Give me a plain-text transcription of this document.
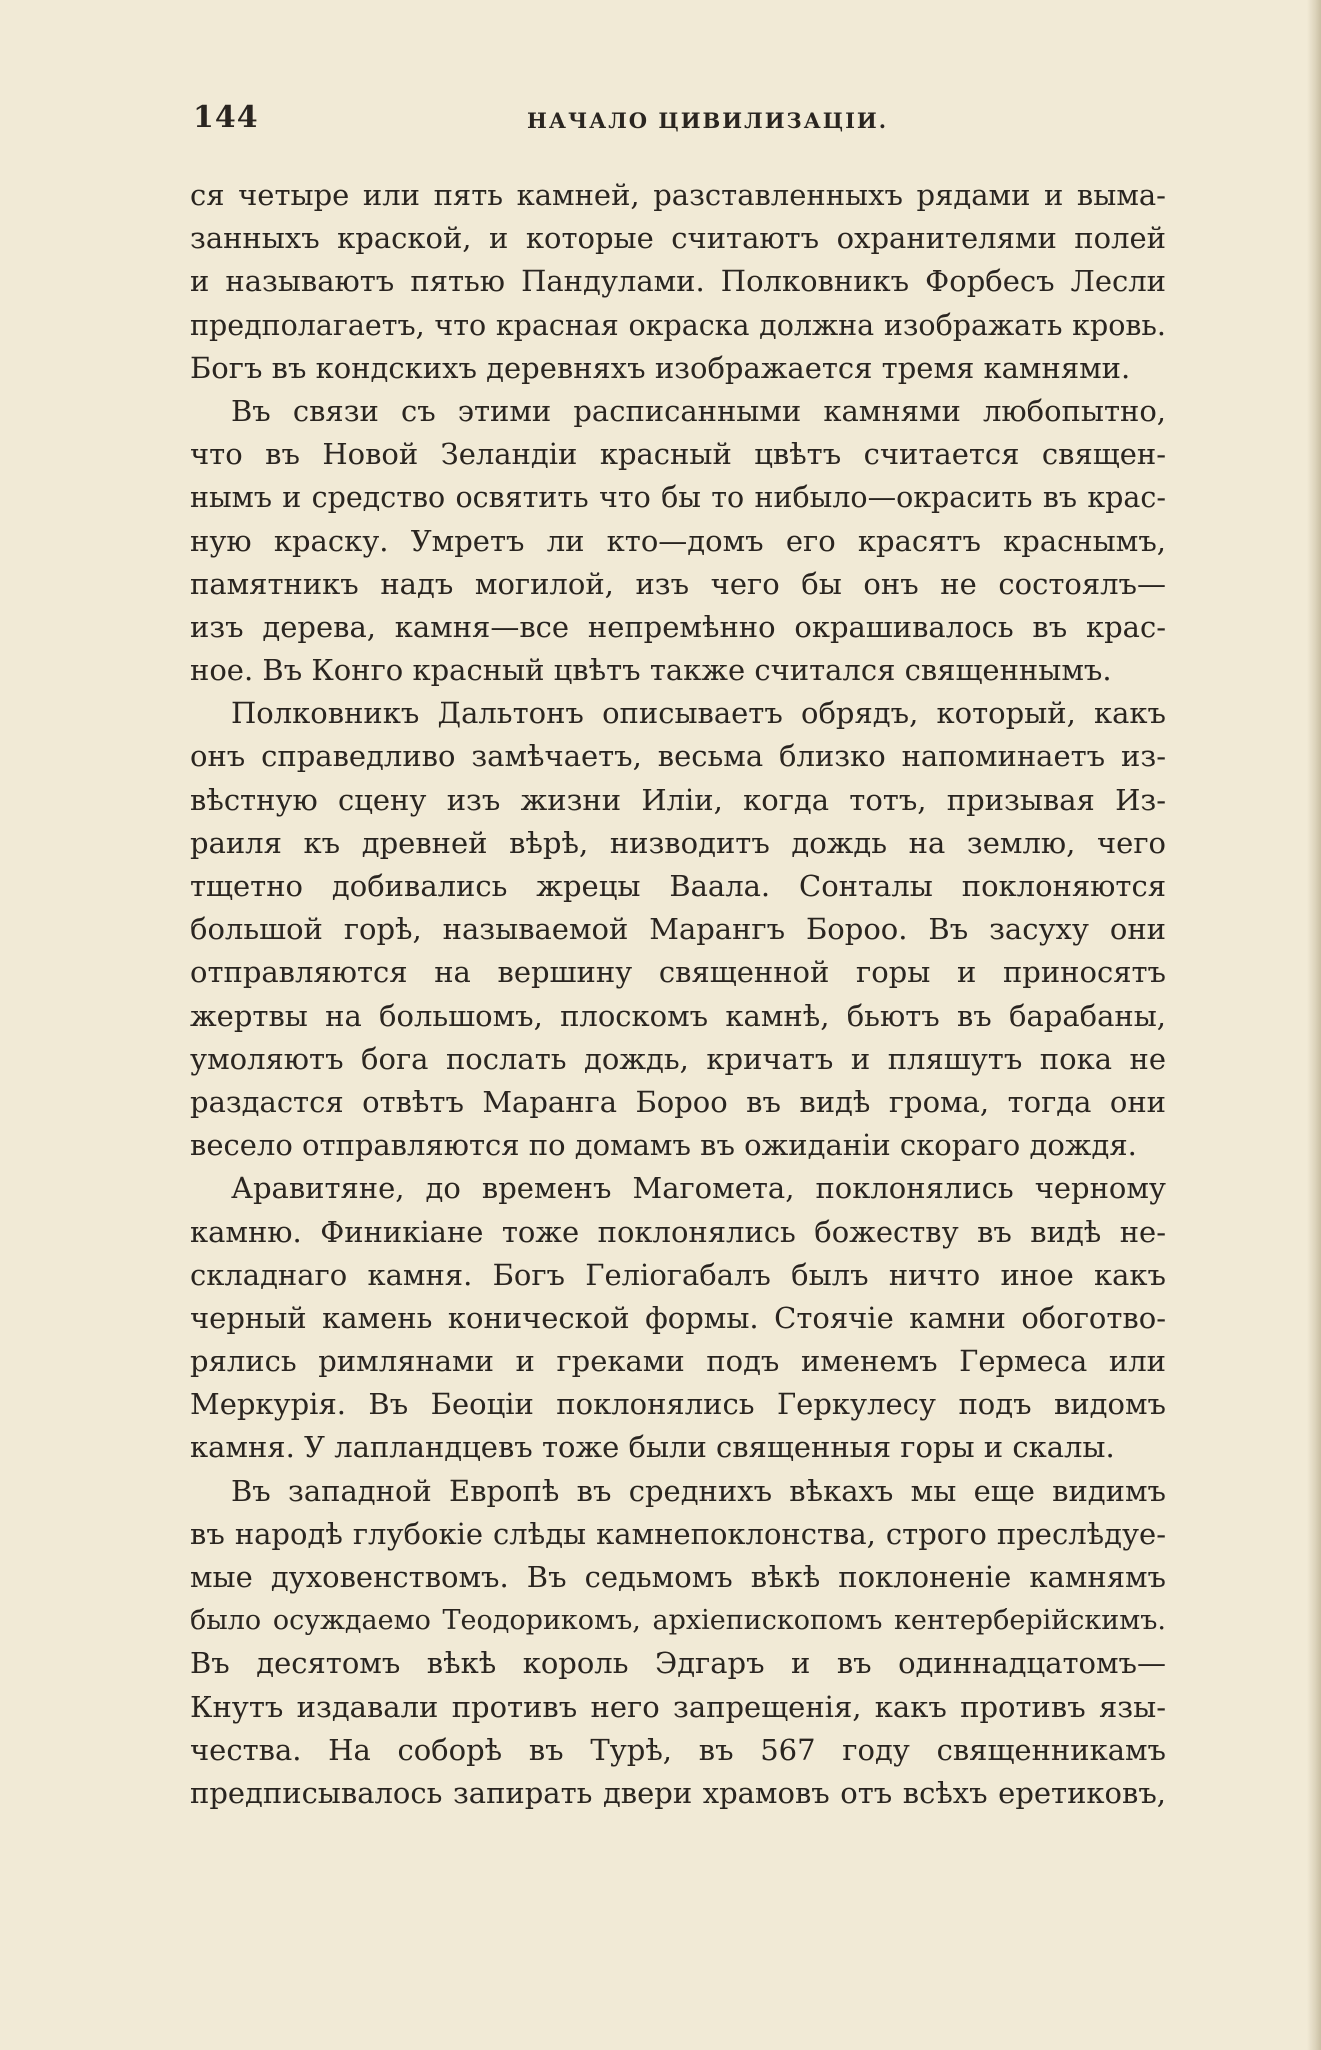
144	НАЧАЛО ЦИВИЛИЗАЦІИ.
ся четыре или пять камней, разставленныхъ рядами и выма-
занныхъ краской, и которые считаютъ охранителями полей
и называютъ пятью Пандулами. Полковникъ Форбесъ Лесли
предполагаетъ, что красная окраска должна изображать кровь.
Богъ въ кондскихъ деревняхъ изображается тремя камнями.
Въ связи съ этими расписанными камнями любопытно,
что въ Новой Зеландіи красный цвѣтъ считается священ-
нымъ и средство освятить что бы то нибыло—окрасить въ крас-
ную краску. Умретъ ли кто—домъ его красятъ краснымъ,
памятникъ надъ могилой, изъ чего бы онъ не состоялъ—
изъ дерева, камня—все непремѣнно окрашивалось въ крас-
ное. Въ Конго красный цвѣтъ также считался священнымъ.
Полковникъ Дальтонъ описываетъ обрядъ, который, какъ
онъ справедливо замѣчаетъ, весьма близко напоминаетъ из-
вѣстную сцену изъ жизни Иліи, когда тотъ, призывая Из-
раиля къ древней вѣрѣ, низводитъ дождь на землю, чего
тщетно добивались жрецы Ваала. Сонталы поклоняются
большой горѣ, называемой Марангъ Бороо. Въ засуху они
отправляются на вершину священной горы и приносятъ
жертвы на большомъ, плоскомъ камнѣ, бьютъ въ барабаны,
умоляютъ бога послать дождь, кричатъ и пляшутъ пока не
раздастся отвѣтъ Маранга Бороо въ видѣ грома, тогда они
весело отправляются по домамъ въ ожиданіи скораго дождя.
Аравитяне, до временъ Магомета, поклонялись черному
камню. Финикіане тоже поклонялись божеству въ видѣ не-
складнаго камня. Богъ Геліогабалъ былъ ничто иное какъ
черный камень конической формы. Стоячіе камни обоготво-
рялись римлянами и греками подъ именемъ Гермеса или
Меркурія. Въ Беоціи поклонялись Геркулесу подъ видомъ
камня. У лапландцевъ тоже были священныя горы и скалы.
Въ западной Европѣ въ среднихъ вѣкахъ мы еще видимъ
въ народѣ глубокіе слѣды камнепоклонства, строго преслѣдуе-
мые духовенствомъ. Въ седьмомъ вѣкѣ поклоненіе камнямъ
было осуждаемо Теодорикомъ, архіепископомъ кентерберійскимъ.
Въ десятомъ вѣкѣ король Эдгаръ и въ одиннадцатомъ—
Кнутъ издавали противъ него запрещенія, какъ противъ язы-
чества. На соборѣ въ Турѣ, въ 567 году священникамъ
предписывалось запирать двери храмовъ отъ всѣхъ еретиковъ,
